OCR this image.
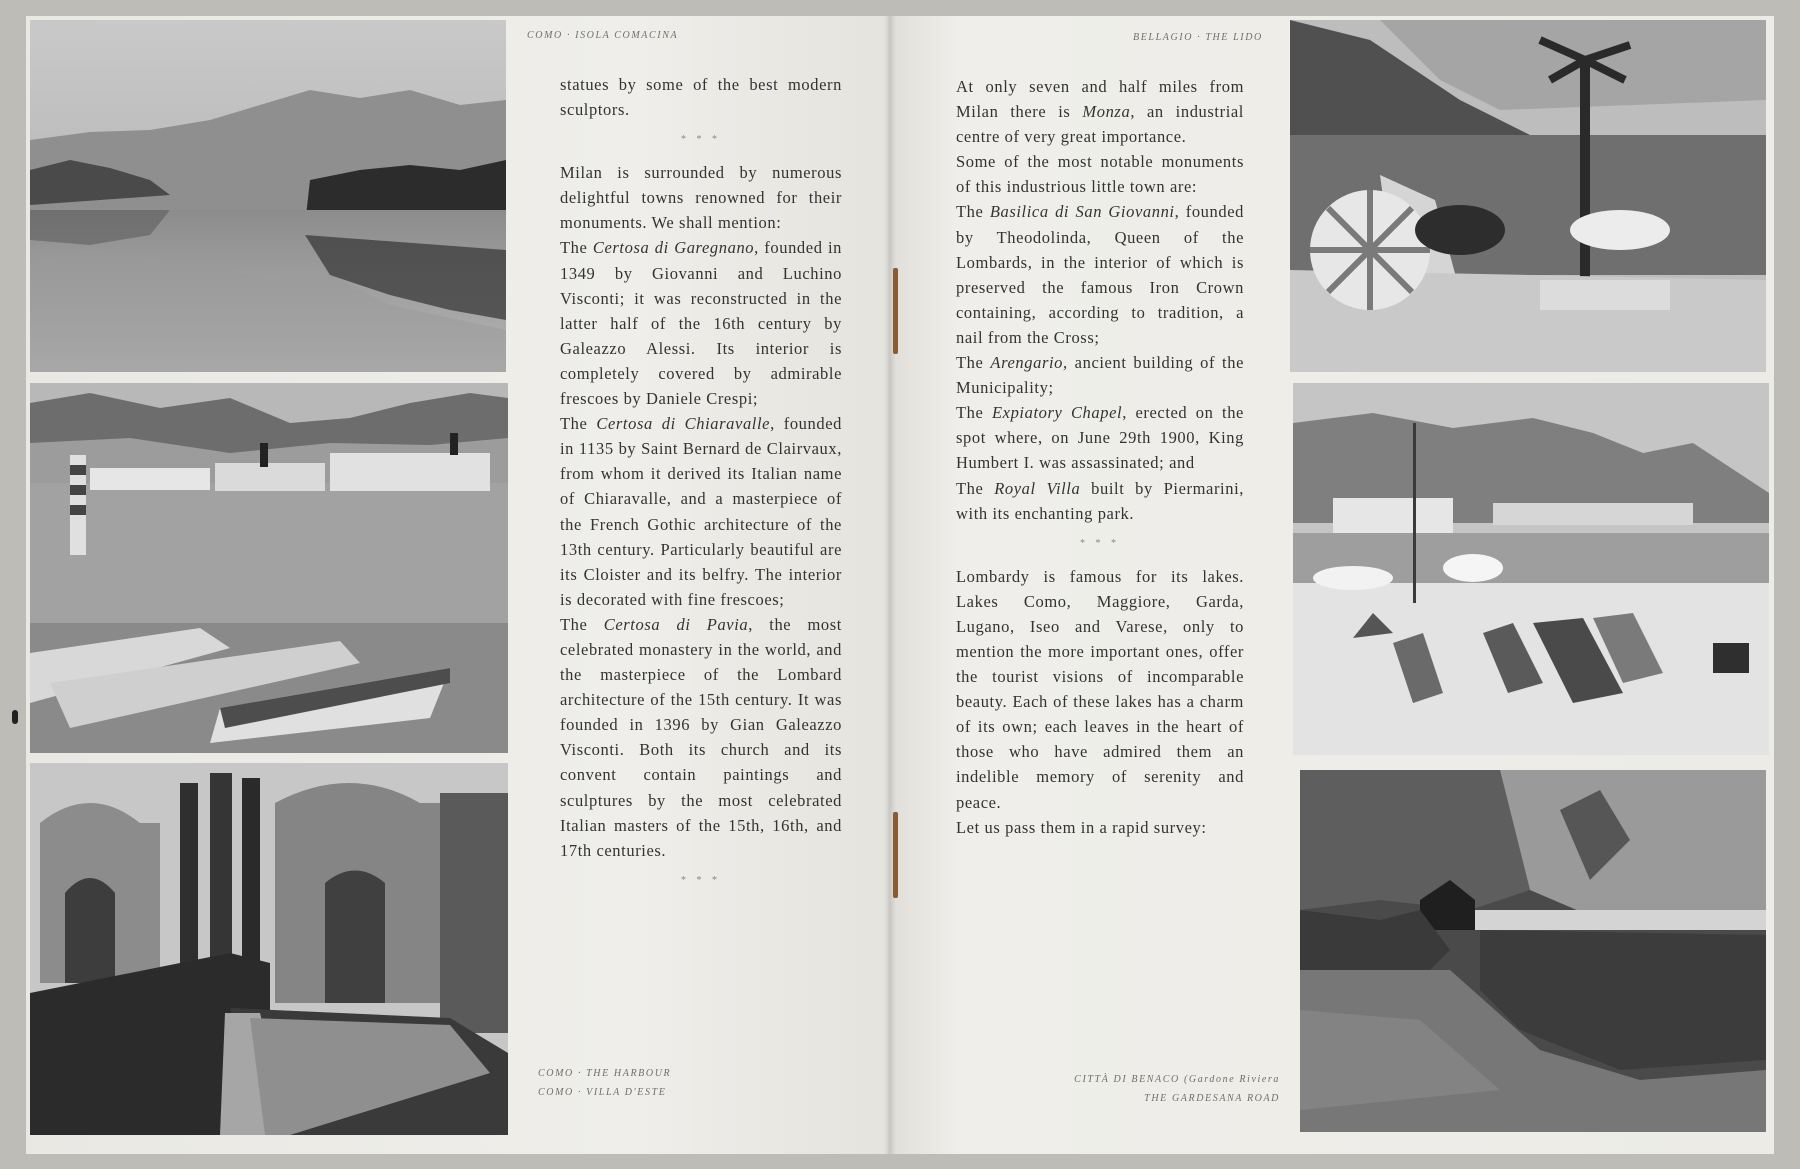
COMO · ISOLA COMACINA	BELLAGIO · THE LIDO
COMO · THE HARBOUR
COMO · VILLA D'ESTE
CITTÀ DI BENACO (Gardone Riviera
THE GARDESANA ROAD

statues by some of the best modern sculptors.

* * *

Milan is surrounded by numerous delightful towns renowned for their monuments. We shall mention:

The Certosa di Garegnano, founded in 1349 by Giovanni and Luchino Visconti; it was reconstructed in the latter half of the 16th century by Galeazzo Alessi. Its interior is completely covered by admirable frescoes by Daniele Crespi;

The Certosa di Chiaravalle, founded in 1135 by Saint Bernard de Clairvaux, from whom it derived its Italian name of Chiaravalle, and a masterpiece of the French Gothic architecture of the 13th century. Particularly beautiful are its Cloister and its belfry. The interior is decorated with fine frescoes;

The Certosa di Pavia, the most celebrated monastery in the world, and the masterpiece of the Lombard architecture of the 15th century. It was founded in 1396 by Gian Galeazzo Visconti. Both its church and its convent contain paintings and sculptures by the most celebrated Italian masters of the 15th, 16th, and 17th centuries.

* * *

At only seven and half miles from Milan there is Monza, an industrial centre of very great importance.

Some of the most notable monuments of this industrious little town are:

The Basilica di San Giovanni, founded by Theodolinda, Queen of the Lombards, in the interior of which is preserved the famous Iron Crown containing, according to tradition, a nail from the Cross;

The Arengario, ancient building of the Municipality;

The Expiatory Chapel, erected on the spot where, on June 29th 1900, King Humbert I. was assassinated; and

The Royal Villa built by Piermarini, with its enchanting park.

* * *

Lombardy is famous for its lakes. Lakes Como, Maggiore, Garda, Lugano, Iseo and Varese, only to mention the more important ones, offer the tourist visions of incomparable beauty. Each of these lakes has a charm of its own; each leaves in the heart of those who have admired them an indelible memory of serenity and peace.

Let us pass them in a rapid survey:
